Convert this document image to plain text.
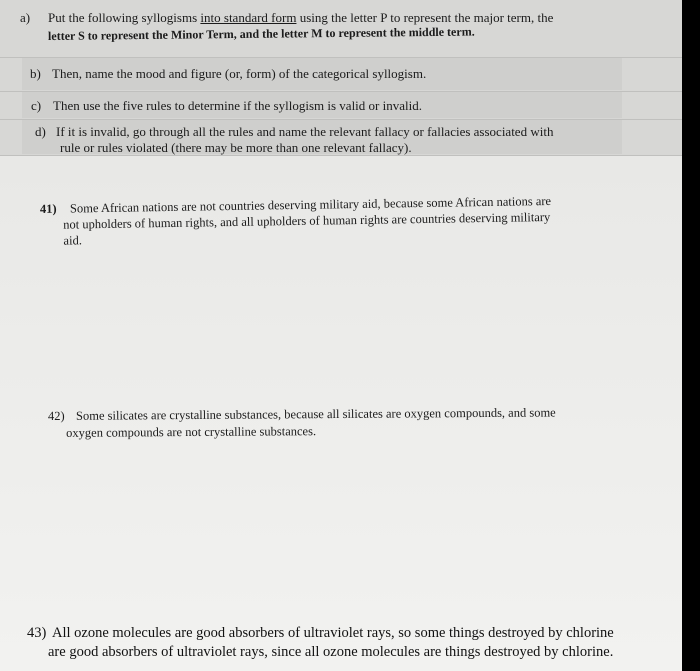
a) Put the following syllogisms into standard form using the letter P to represent the major term, the
letter S to represent the Minor Term, and the letter M to represent the middle term.
b) Then, name the mood and figure (or, form) of the categorical syllogism.
c) Then use the five rules to determine if the syllogism is valid or invalid.
d) If it is invalid, go through all the rules and name the relevant fallacy or fallacies associated with
rule or rules violated (there may be more than one relevant fallacy).
41) Some African nations are not countries deserving military aid, because some African nations are
not upholders of human rights, and all upholders of human rights are countries deserving military
aid.
42) Some silicates are crystalline substances, because all silicates are oxygen compounds, and some
oxygen compounds are not crystalline substances.
43) All ozone molecules are good absorbers of ultraviolet rays, so some things destroyed by chlorine
are good absorbers of ultraviolet rays, since all ozone molecules are things destroyed by chlorine.
